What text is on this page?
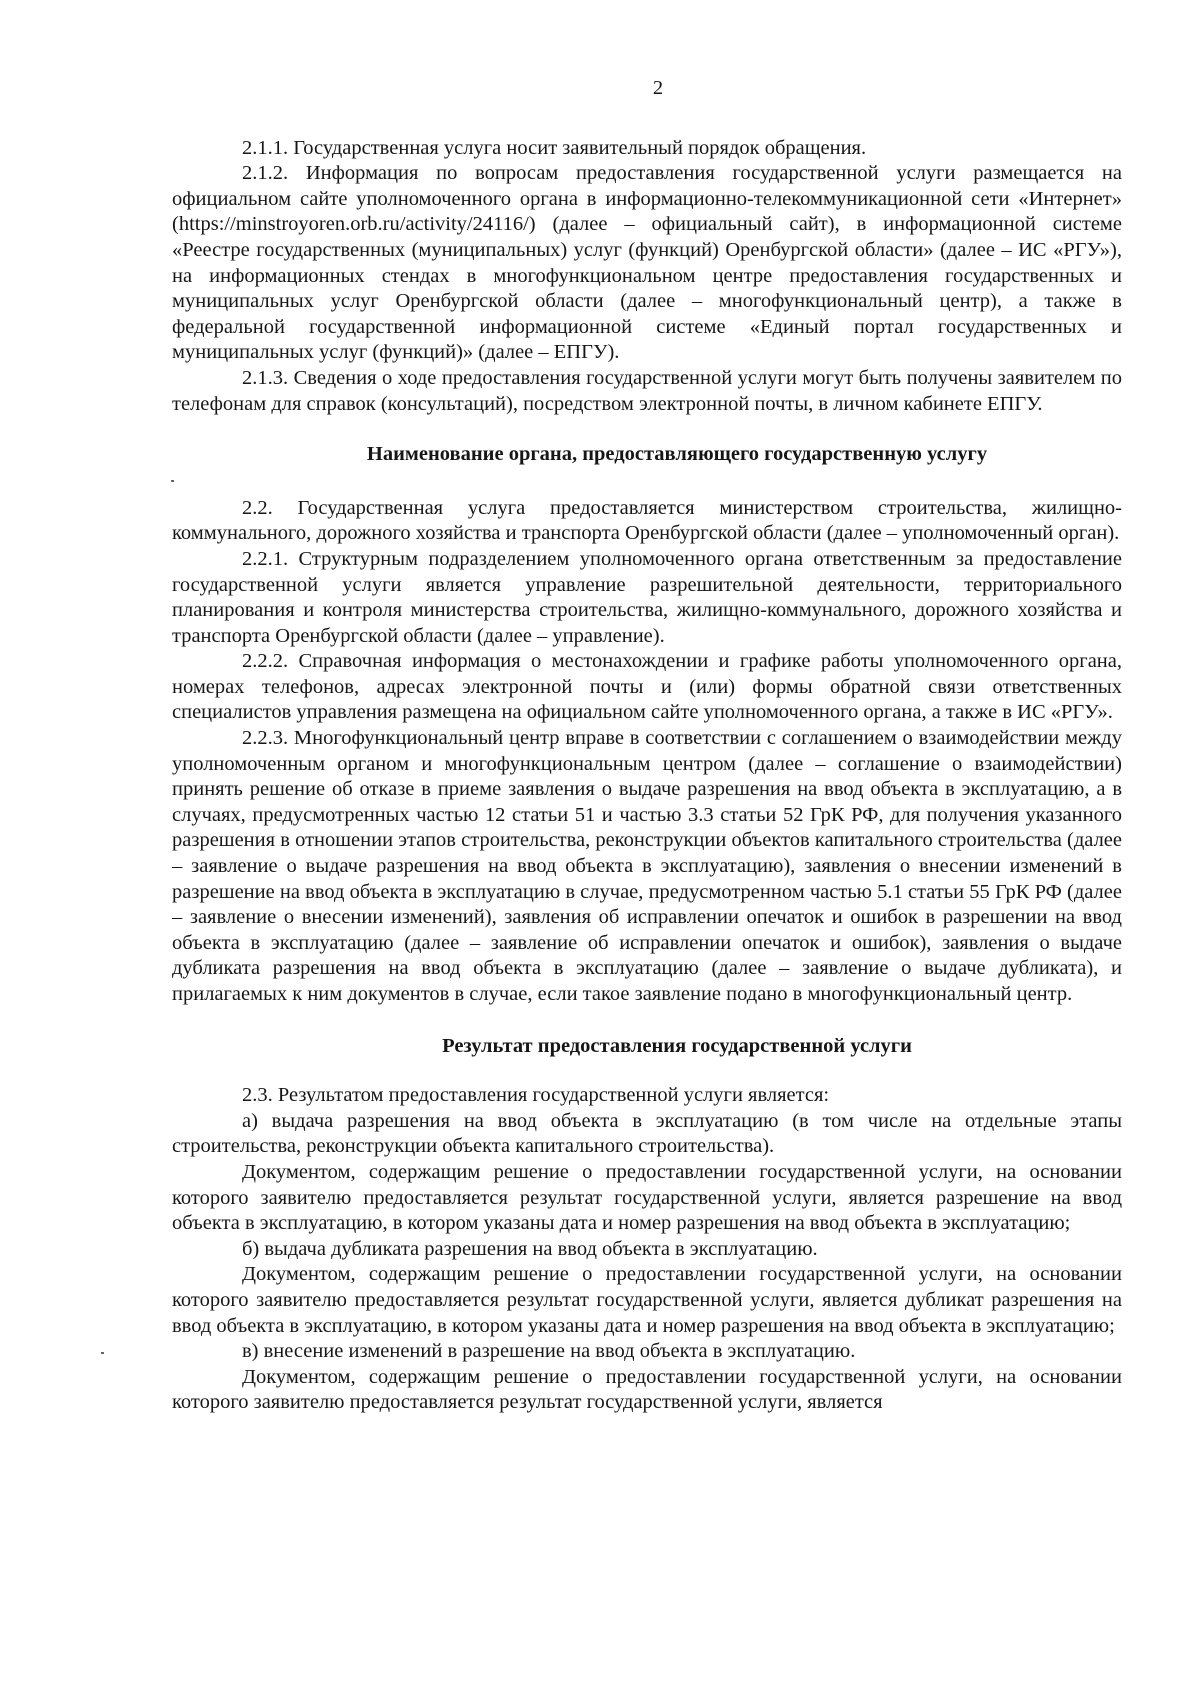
2

2.1.1. Государственная услуга носит заявительный порядок обращения.

2.1.2. Информация по вопросам предоставления государственной услуги размещается на официальном сайте уполномоченного органа в информационно-телекоммуникационной сети «Интернет» (https://minstroyoren.orb.ru/activity/24116/) (далее – официальный сайт), в информационной системе «Реестре государственных (муниципальных) услуг (функций) Оренбургской области» (далее – ИС «РГУ»), на информационных стендах в многофункциональном центре предоставления государственных и муниципальных услуг Оренбургской области (далее – многофункциональный центр), а также в федеральной государственной информационной системе «Единый портал государственных и муниципальных услуг (функций)» (далее – ЕПГУ).

2.1.3. Сведения о ходе предоставления государственной услуги могут быть получены заявителем по телефонам для справок (консультаций), посредством электронной почты, в личном кабинете ЕПГУ.

Наименование органа, предоставляющего государственную услугу

2.2. Государственная услуга предоставляется министерством строительства, жилищно-коммунального, дорожного хозяйства и транспорта Оренбургской области (далее – уполномоченный орган).

2.2.1. Структурным подразделением уполномоченного органа ответственным за предоставление государственной услуги является управление разрешительной деятельности, территориального планирования и контроля министерства строительства, жилищно-коммунального, дорожного хозяйства и транспорта Оренбургской области (далее – управление).

2.2.2. Справочная информация о местонахождении и графике работы уполномоченного органа, номерах телефонов, адресах электронной почты и (или) формы обратной связи ответственных специалистов управления размещена на официальном сайте уполномоченного органа, а также в ИС «РГУ».

2.2.3. Многофункциональный центр вправе в соответствии с соглашением о взаимодействии между уполномоченным органом и многофункциональным центром (далее – соглашение о взаимодействии) принять решение об отказе в приеме заявления о выдаче разрешения на ввод объекта в эксплуатацию, а в случаях, предусмотренных частью 12 статьи 51 и частью 3.3 статьи 52 ГрК РФ, для получения указанного разрешения в отношении этапов строительства, реконструкции объектов капитального строительства (далее – заявление о выдаче разрешения на ввод объекта в эксплуатацию), заявления о внесении изменений в разрешение на ввод объекта в эксплуатацию в случае, предусмотренном частью 5.1 статьи 55 ГрК РФ (далее – заявление о внесении изменений), заявления об исправлении опечаток и ошибок в разрешении на ввод объекта в эксплуатацию (далее – заявление об исправлении опечаток и ошибок), заявления о выдаче дубликата разрешения на ввод объекта в эксплуатацию (далее – заявление о выдаче дубликата), и прилагаемых к ним документов в случае, если такое заявление подано в многофункциональный центр.

Результат предоставления государственной услуги

2.3. Результатом предоставления государственной услуги является:

а) выдача разрешения на ввод объекта в эксплуатацию (в том числе на отдельные этапы строительства, реконструкции объекта капитального строительства).

Документом, содержащим решение о предоставлении государственной услуги, на основании которого заявителю предоставляется результат государственной услуги, является разрешение на ввод объекта в эксплуатацию, в котором указаны дата и номер разрешения на ввод объекта в эксплуатацию;

б) выдача дубликата разрешения на ввод объекта в эксплуатацию.

Документом, содержащим решение о предоставлении государственной услуги, на основании которого заявителю предоставляется результат государственной услуги, является дубликат разрешения на ввод объекта в эксплуатацию, в котором указаны дата и номер разрешения на ввод объекта в эксплуатацию;

в) внесение изменений в разрешение на ввод объекта в эксплуатацию.

Документом, содержащим решение о предоставлении государственной услуги, на основании которого заявителю предоставляется результат государственной услуги, является
